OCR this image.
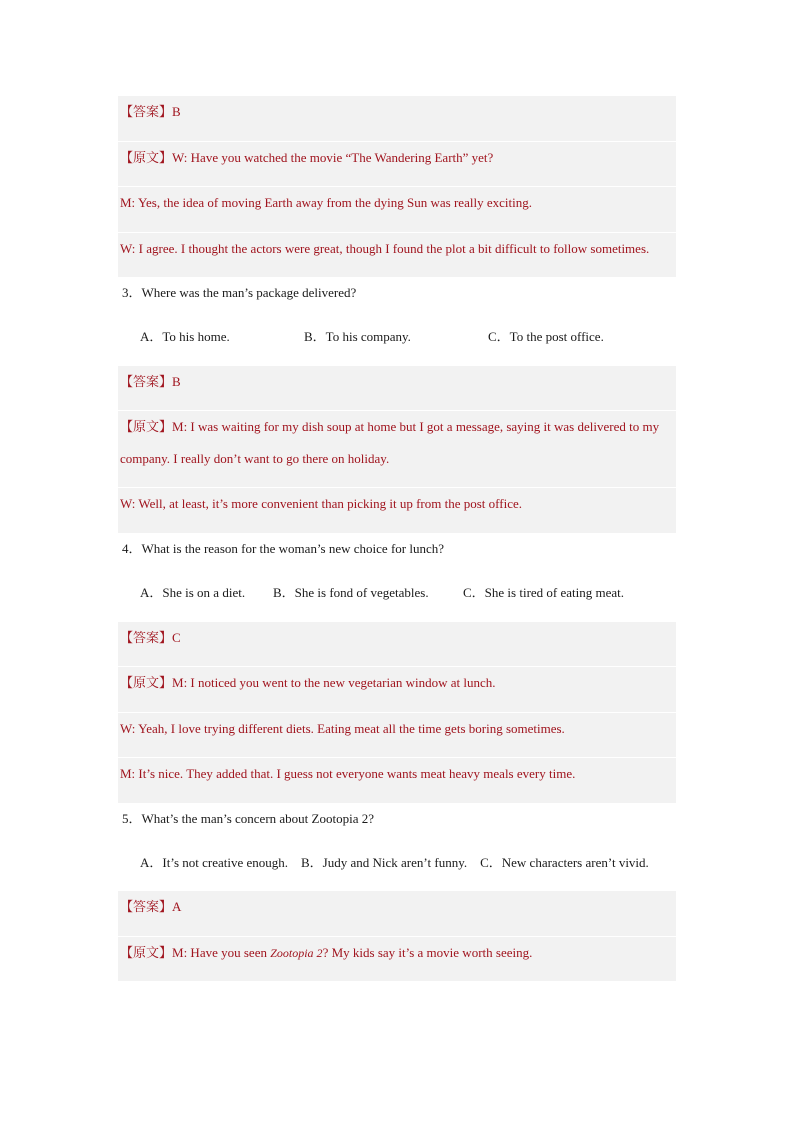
【答案】B
【原文】W: Have you watched the movie “The Wandering Earth” yet?
M: Yes, the idea of moving Earth away from the dying Sun was really exciting.
W: I agree. I thought the actors were great, though I found the plot a bit difficult to follow sometimes.
3．Where was the man’s package delivered?
A．To his home.	B．To his company.	C．To the post office.
【答案】B
【原文】M: I was waiting for my dish soup at home but I got a message, saying it was delivered to my company. I really don’t want to go there on holiday.
W: Well, at least, it’s more convenient than picking it up from the post office.
4．What is the reason for the woman’s new choice for lunch?
A．She is on a diet. B．She is fond of vegetables.	C．She is tired of eating meat.
【答案】C
【原文】M: I noticed you went to the new vegetarian window at lunch.
W: Yeah, I love trying different diets. Eating meat all the time gets boring sometimes.
M: It’s nice. They added that. I guess not everyone wants meat heavy meals every time.
5．What’s the man’s concern about Zootopia 2?
A．It’s not creative enough.　B．Judy and Nick aren’t funny.　C．New characters aren’t vivid.
【答案】A
【原文】M: Have you seen Zootopia 2? My kids say it’s a movie worth seeing.
